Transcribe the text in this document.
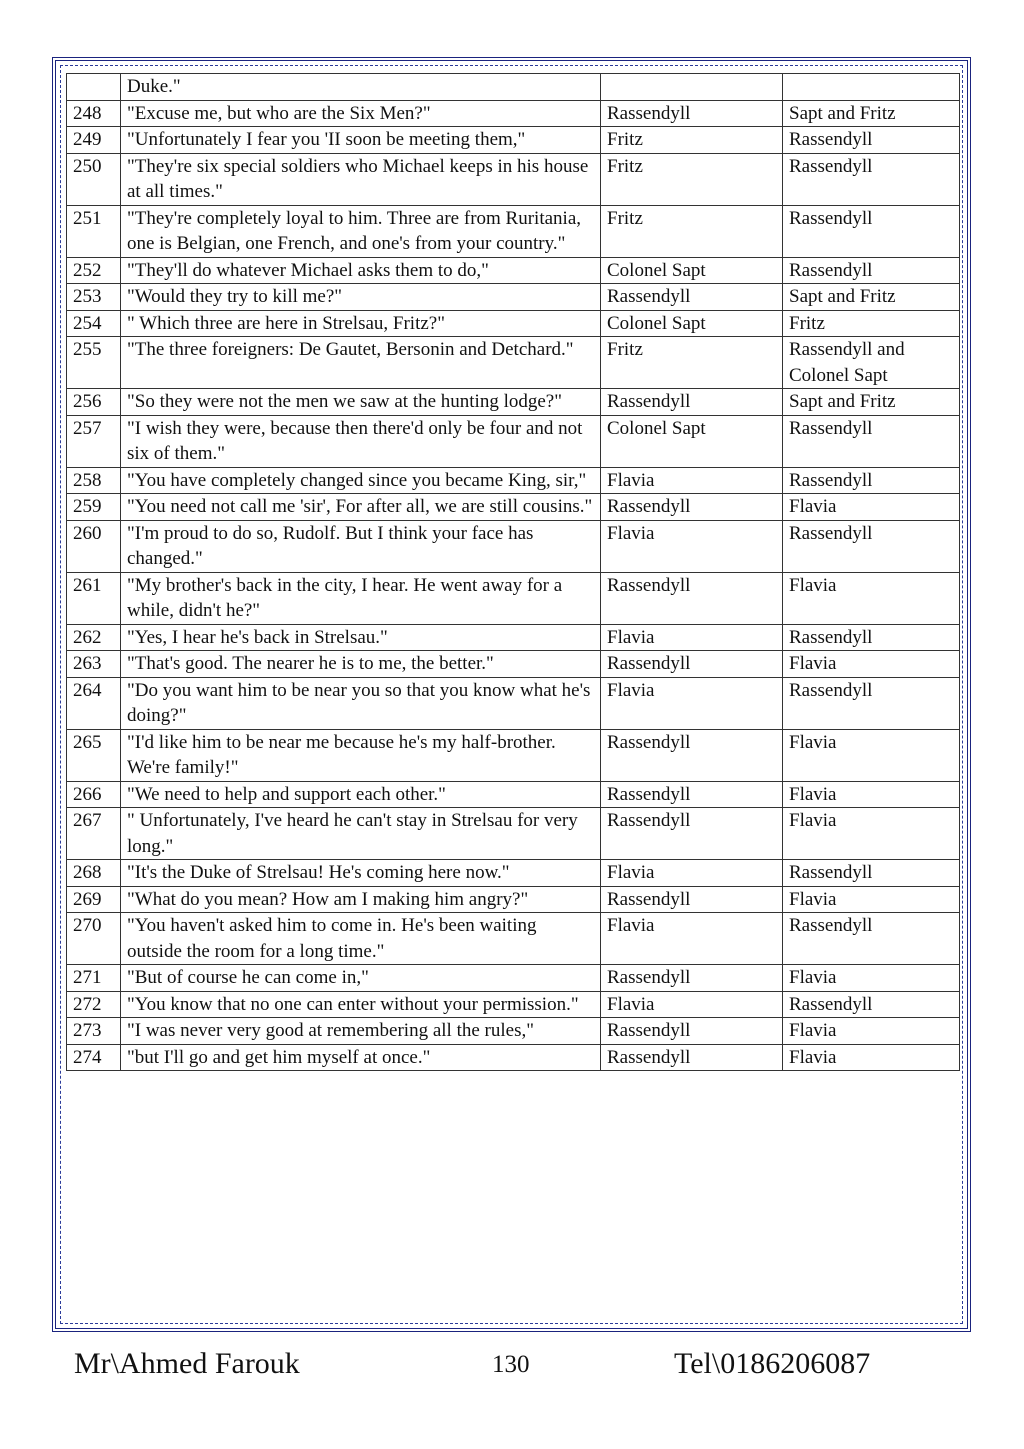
	Duke."		
248	"Excuse me, but who are the Six Men?"	Rassendyll	Sapt and Fritz
249	"Unfortunately I fear you 'II soon be meeting them,"	Fritz	Rassendyll
250	"They're six special soldiers who Michael keeps in his house at all times."	Fritz	Rassendyll
251	"They're completely loyal to him. Three are from Ruritania, one is Belgian, one French, and one's from your country."	Fritz	Rassendyll
252	"They'll do whatever Michael asks them to do,"	Colonel Sapt	Rassendyll
253	"Would they try to kill me?"	Rassendyll	Sapt and Fritz
254	" Which three are here in Strelsau, Fritz?"	Colonel Sapt	Fritz
255	"The three foreigners: De Gautet, Bersonin and Detchard."	Fritz	Rassendyll and Colonel Sapt
256	"So they were not the men we saw at the hunting lodge?"	Rassendyll	Sapt and Fritz
257	"I wish they were, because then there'd only be four and not six of them."	Colonel Sapt	Rassendyll
258	"You have completely changed since you became King, sir,"	Flavia	Rassendyll
259	"You need not call me 'sir', For after all, we are still cousins."	Rassendyll	Flavia
260	"I'm proud to do so, Rudolf. But I think your face has changed."	Flavia	Rassendyll
261	"My brother's back in the city, I hear. He went away for a while, didn't he?"	Rassendyll	Flavia
262	"Yes, I hear he's back in Strelsau."	Flavia	Rassendyll
263	"That's good. The nearer he is to me, the better."	Rassendyll	Flavia
264	"Do you want him to be near you so that you know what he's doing?"	Flavia	Rassendyll
265	"I'd like him to be near me because he's my half-brother. We're family!"	Rassendyll	Flavia
266	"We need to help and support each other."	Rassendyll	Flavia
267	" Unfortunately, I've heard he can't stay in Strelsau for very long."	Rassendyll	Flavia
268	"It's the Duke of Strelsau! He's coming here now."	Flavia	Rassendyll
269	"What do you mean? How am I making him angry?"	Rassendyll	Flavia
270	"You haven't asked him to come in. He's been waiting outside the room for a long time."	Flavia	Rassendyll
271	"But of course he can come in,"	Rassendyll	Flavia
272	"You know that no one can enter without your permission."	Flavia	Rassendyll
273	"I was never very good at remembering all the rules,"	Rassendyll	Flavia
274	"but I'll go and get him myself at once."	Rassendyll	Flavia
Mr\Ahmed Farouk	130	Tel\0186206087
